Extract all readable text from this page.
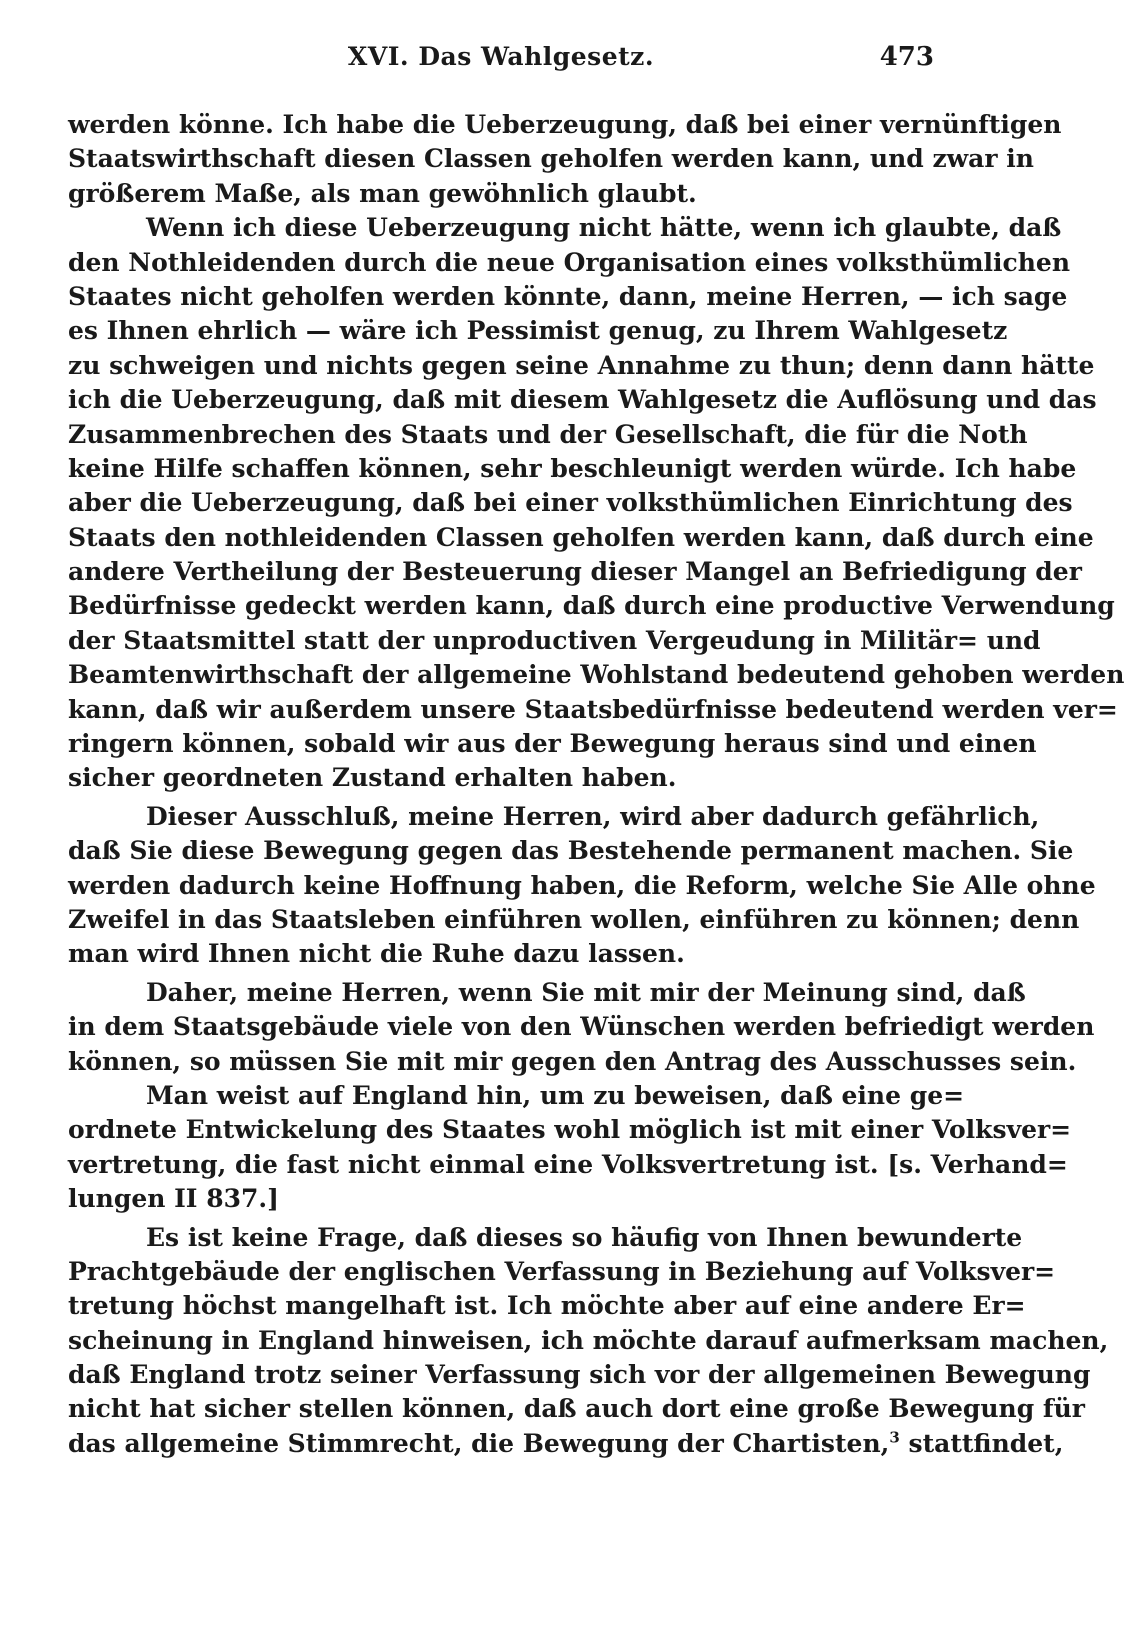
XVI. Das Wahlgesetz.	473
werden könne. Ich habe die Ueberzeugung, daß bei einer vernünftigen
Staatswirthschaft diesen Classen geholfen werden kann, und zwar in
größerem Maße, als man gewöhnlich glaubt.
Wenn ich diese Ueberzeugung nicht hätte, wenn ich glaubte, daß
den Nothleidenden durch die neue Organisation eines volksthümlichen
Staates nicht geholfen werden könnte, dann, meine Herren, — ich sage
es Ihnen ehrlich — wäre ich Pessimist genug, zu Ihrem Wahlgesetz
zu schweigen und nichts gegen seine Annahme zu thun; denn dann hätte
ich die Ueberzeugung, daß mit diesem Wahlgesetz die Auflösung und das
Zusammenbrechen des Staats und der Gesellschaft, die für die Noth
keine Hilfe schaffen können, sehr beschleunigt werden würde. Ich habe
aber die Ueberzeugung, daß bei einer volksthümlichen Einrichtung des
Staats den nothleidenden Classen geholfen werden kann, daß durch eine
andere Vertheilung der Besteuerung dieser Mangel an Befriedigung der
Bedürfnisse gedeckt werden kann, daß durch eine productive Verwendung
der Staatsmittel statt der unproductiven Vergeudung in Militär= und
Beamtenwirthschaft der allgemeine Wohlstand bedeutend gehoben werden
kann, daß wir außerdem unsere Staatsbedürfnisse bedeutend werden ver=
ringern können, sobald wir aus der Bewegung heraus sind und einen
sicher geordneten Zustand erhalten haben.
Dieser Ausschluß, meine Herren, wird aber dadurch gefährlich,
daß Sie diese Bewegung gegen das Bestehende permanent machen. Sie
werden dadurch keine Hoffnung haben, die Reform, welche Sie Alle ohne
Zweifel in das Staatsleben einführen wollen, einführen zu können; denn
man wird Ihnen nicht die Ruhe dazu lassen.
Daher, meine Herren, wenn Sie mit mir der Meinung sind, daß
in dem Staatsgebäude viele von den Wünschen werden befriedigt werden
können, so müssen Sie mit mir gegen den Antrag des Ausschusses sein.
Man weist auf England hin, um zu beweisen, daß eine ge=
ordnete Entwickelung des Staates wohl möglich ist mit einer Volksver=
vertretung, die fast nicht einmal eine Volksvertretung ist. [s. Verhand=
lungen II 837.]
Es ist keine Frage, daß dieses so häufig von Ihnen bewunderte
Prachtgebäude der englischen Verfassung in Beziehung auf Volksver=
tretung höchst mangelhaft ist. Ich möchte aber auf eine andere Er=
scheinung in England hinweisen, ich möchte darauf aufmerksam machen,
daß England trotz seiner Verfassung sich vor der allgemeinen Bewegung
nicht hat sicher stellen können, daß auch dort eine große Bewegung für
das allgemeine Stimmrecht, die Bewegung der Chartisten,$^3$ stattfindet,
